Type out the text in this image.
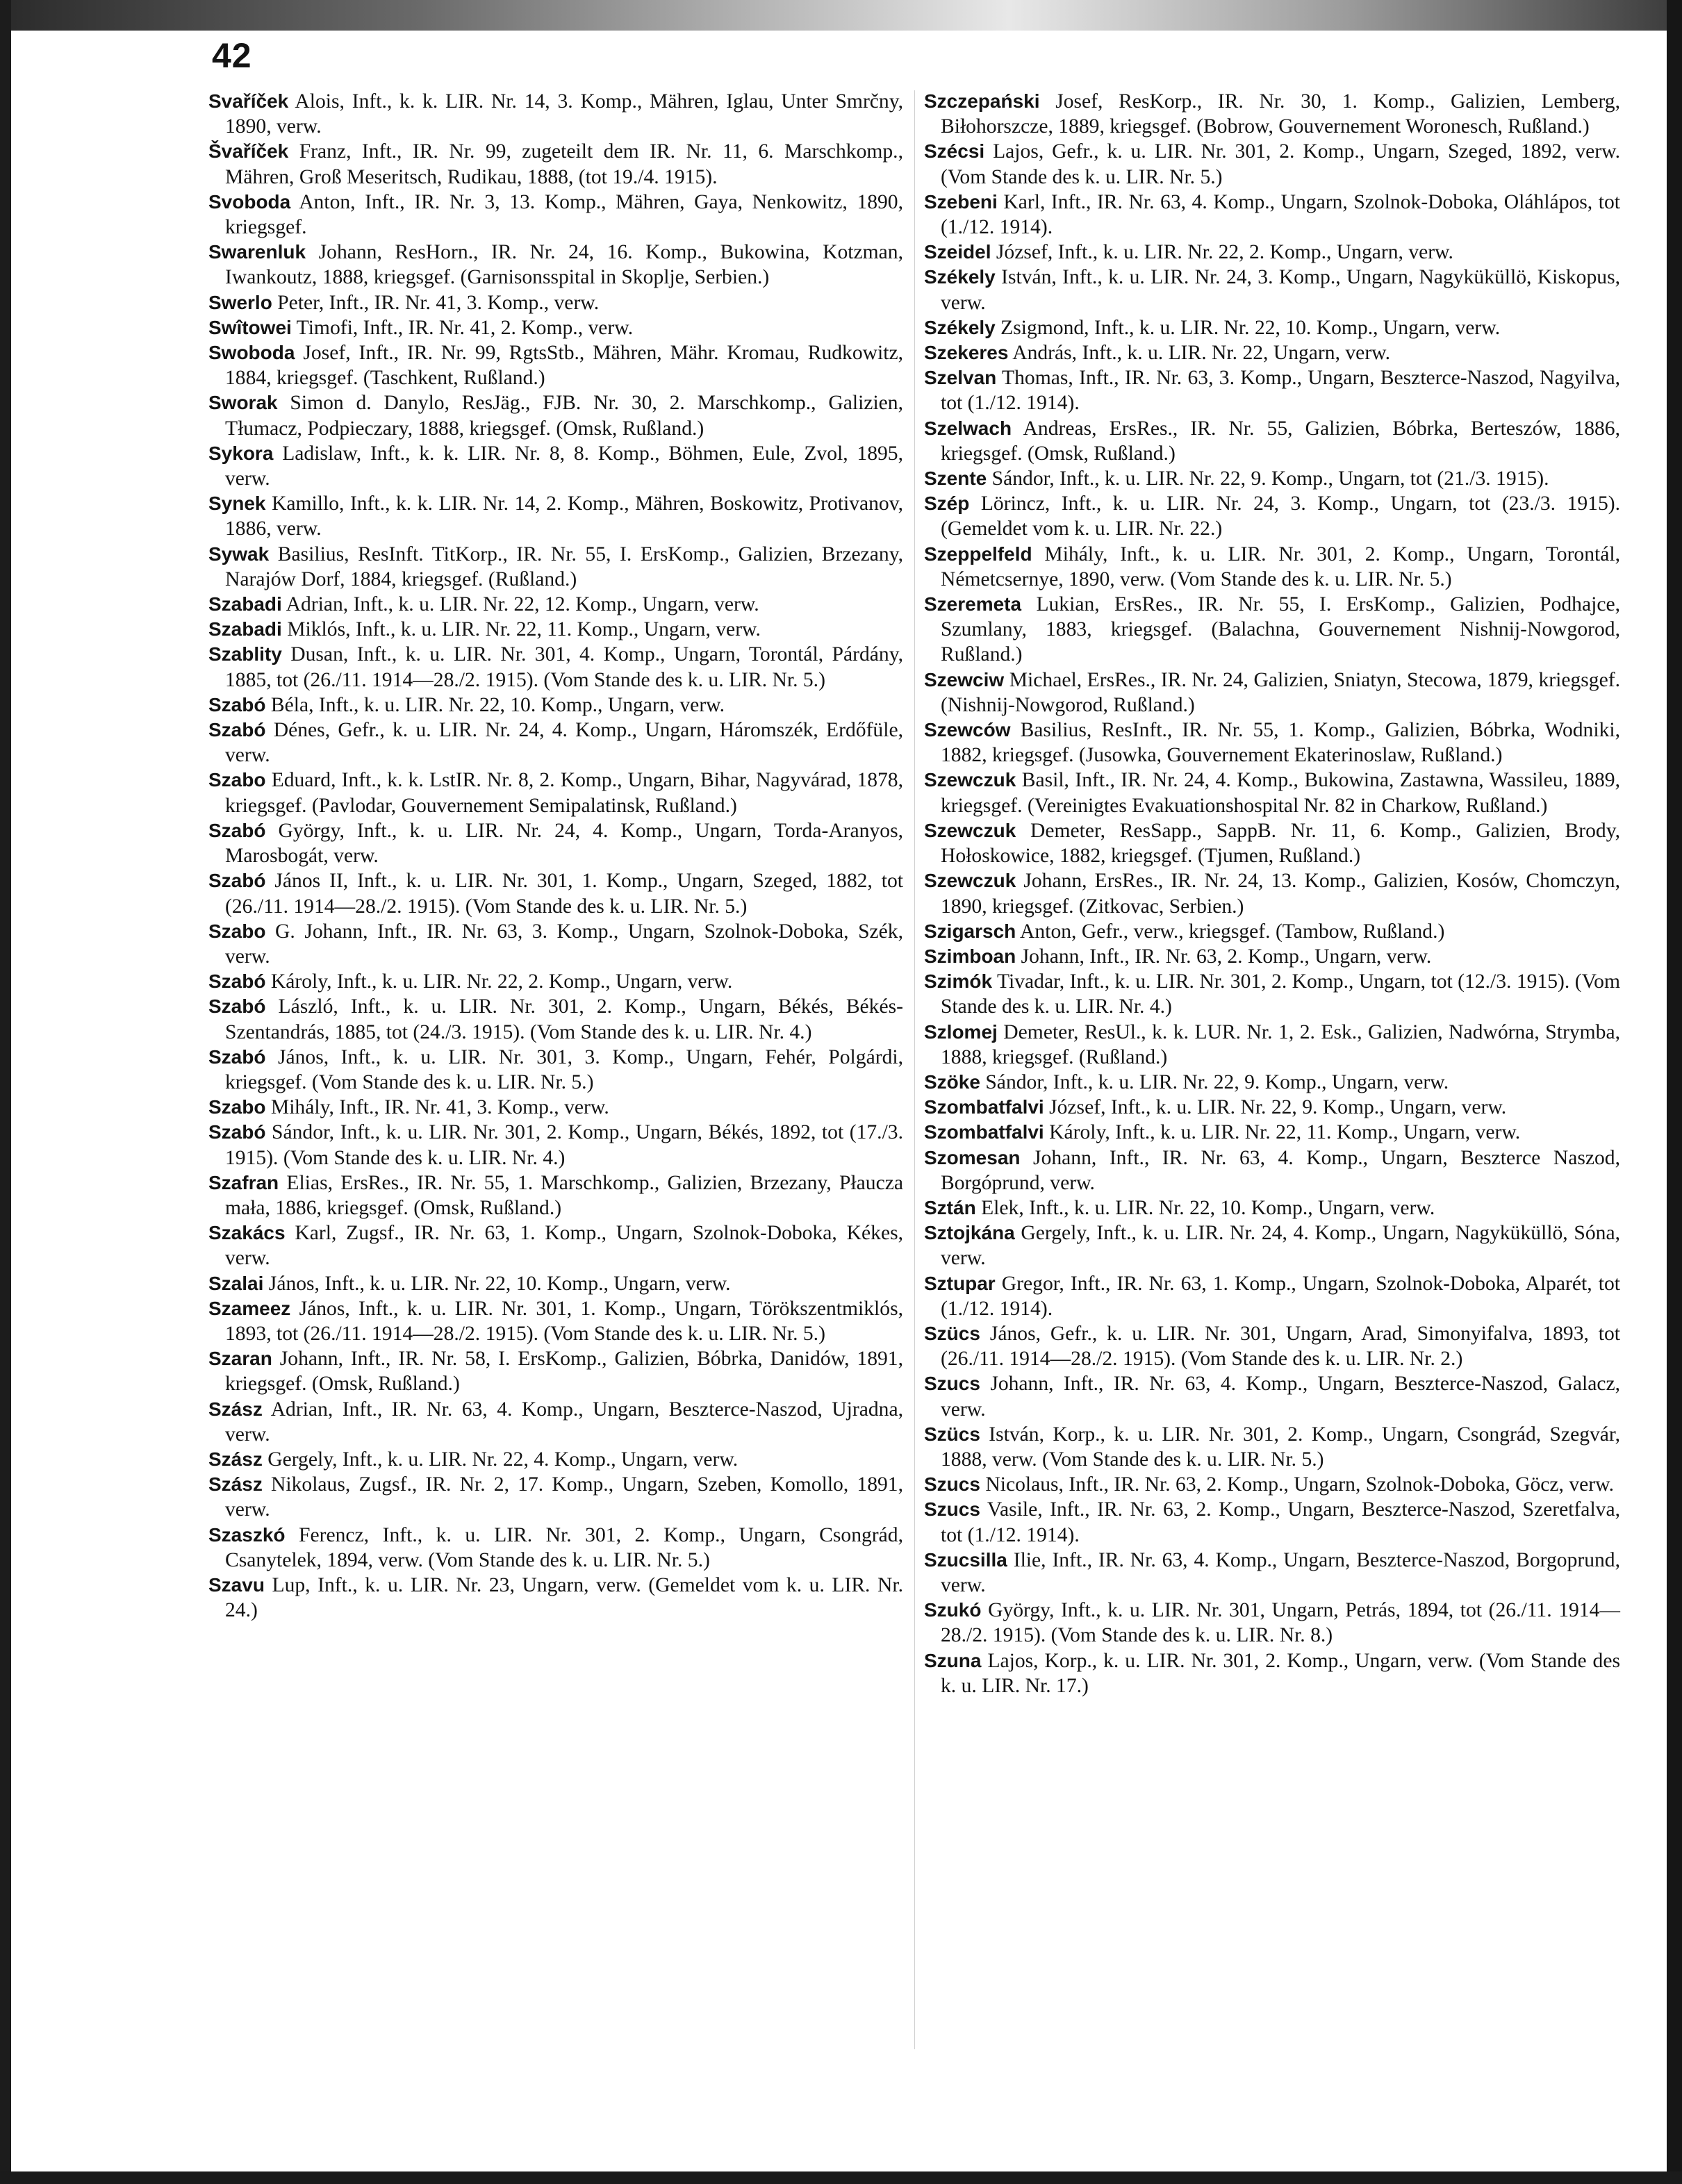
42

Svaříček Alois, Inft., k. k. LIR. Nr. 14, 3. Komp., Mähren, Iglau, Unter Smrčny, 1890, verw.

Švaříček Franz, Inft., IR. Nr. 99, zugeteilt dem IR. Nr. 11, 6. Marschkomp., Mähren, Groß Meseritsch, Rudikau, 1888, (tot 19./4. 1915).

Svoboda Anton, Inft., IR. Nr. 3, 13. Komp., Mähren, Gaya, Nenkowitz, 1890, kriegsgef.

Swarenluk Johann, ResHorn., IR. Nr. 24, 16. Komp., Bukowina, Kotzman, Iwankoutz, 1888, kriegsgef. (Garnisonsspital in Skoplje, Serbien.)

Swerlo Peter, Inft., IR. Nr. 41, 3. Komp., verw.

Swîtowei Timofi, Inft., IR. Nr. 41, 2. Komp., verw.

Swoboda Josef, Inft., IR. Nr. 99, RgtsStb., Mähren, Mähr. Kromau, Rudkowitz, 1884, kriegsgef. (Taschkent, Rußland.)

Sworak Simon d. Danylo, ResJäg., FJB. Nr. 30, 2. Marschkomp., Galizien, Tłumacz, Podpieczary, 1888, kriegsgef. (Omsk, Rußland.)

Sykora Ladislaw, Inft., k. k. LIR. Nr. 8, 8. Komp., Böhmen, Eule, Zvol, 1895, verw.

Synek Kamillo, Inft., k. k. LIR. Nr. 14, 2. Komp., Mähren, Boskowitz, Protivanov, 1886, verw.

Sywak Basilius, ResInft. TitKorp., IR. Nr. 55, I. ErsKomp., Galizien, Brzezany, Narajów Dorf, 1884, kriegsgef. (Rußland.)

Szabadi Adrian, Inft., k. u. LIR. Nr. 22, 12. Komp., Ungarn, verw.

Szabadi Miklós, Inft., k. u. LIR. Nr. 22, 11. Komp., Ungarn, verw.

Szablity Dusan, Inft., k. u. LIR. Nr. 301, 4. Komp., Ungarn, Torontál, Párdány, 1885, tot (26./11. 1914—28./2. 1915). (Vom Stande des k. u. LIR. Nr. 5.)

Szabó Béla, Inft., k. u. LIR. Nr. 22, 10. Komp., Ungarn, verw.

Szabó Dénes, Gefr., k. u. LIR. Nr. 24, 4. Komp., Ungarn, Háromszék, Erdőfüle, verw.

Szabo Eduard, Inft., k. k. LstIR. Nr. 8, 2. Komp., Ungarn, Bihar, Nagyvárad, 1878, kriegsgef. (Pavlodar, Gouvernement Semipalatinsk, Rußland.)

Szabó György, Inft., k. u. LIR. Nr. 24, 4. Komp., Ungarn, Torda-Aranyos, Marosbogát, verw.

Szabó János II, Inft., k. u. LIR. Nr. 301, 1. Komp., Ungarn, Szeged, 1882, tot (26./11. 1914—28./2. 1915). (Vom Stande des k. u. LIR. Nr. 5.)

Szabo G. Johann, Inft., IR. Nr. 63, 3. Komp., Ungarn, Szolnok-Doboka, Szék, verw.

Szabó Károly, Inft., k. u. LIR. Nr. 22, 2. Komp., Ungarn, verw.

Szabó László, Inft., k. u. LIR. Nr. 301, 2. Komp., Ungarn, Békés, Békés-Szentandrás, 1885, tot (24./3. 1915). (Vom Stande des k. u. LIR. Nr. 4.)

Szabó János, Inft., k. u. LIR. Nr. 301, 3. Komp., Ungarn, Fehér, Polgárdi, kriegsgef. (Vom Stande des k. u. LIR. Nr. 5.)

Szabo Mihály, Inft., IR. Nr. 41, 3. Komp., verw.

Szabó Sándor, Inft., k. u. LIR. Nr. 301, 2. Komp., Ungarn, Békés, 1892, tot (17./3. 1915). (Vom Stande des k. u. LIR. Nr. 4.)

Szafran Elias, ErsRes., IR. Nr. 55, 1. Marschkomp., Galizien, Brzezany, Płaucza mała, 1886, kriegsgef. (Omsk, Rußland.)

Szakács Karl, Zugsf., IR. Nr. 63, 1. Komp., Ungarn, Szolnok-Doboka, Kékes, verw.

Szalai János, Inft., k. u. LIR. Nr. 22, 10. Komp., Ungarn, verw.

Szameez János, Inft., k. u. LIR. Nr. 301, 1. Komp., Ungarn, Törökszentmiklós, 1893, tot (26./11. 1914—28./2. 1915). (Vom Stande des k. u. LIR. Nr. 5.)

Szaran Johann, Inft., IR. Nr. 58, I. ErsKomp., Galizien, Bóbrka, Danidów, 1891, kriegsgef. (Omsk, Rußland.)

Szász Adrian, Inft., IR. Nr. 63, 4. Komp., Ungarn, Beszterce-Naszod, Ujradna, verw.

Szász Gergely, Inft., k. u. LIR. Nr. 22, 4. Komp., Ungarn, verw.

Szász Nikolaus, Zugsf., IR. Nr. 2, 17. Komp., Ungarn, Szeben, Komollo, 1891, verw.

Szaszkó Ferencz, Inft., k. u. LIR. Nr. 301, 2. Komp., Ungarn, Csongrád, Csanytelek, 1894, verw. (Vom Stande des k. u. LIR. Nr. 5.)

Szavu Lup, Inft., k. u. LIR. Nr. 23, Ungarn, verw. (Gemeldet vom k. u. LIR. Nr. 24.)

Szczepański Josef, ResKorp., IR. Nr. 30, 1. Komp., Galizien, Lemberg, Biłohorszcze, 1889, kriegsgef. (Bobrow, Gouvernement Woronesch, Rußland.)

Szécsi Lajos, Gefr., k. u. LIR. Nr. 301, 2. Komp., Ungarn, Szeged, 1892, verw. (Vom Stande des k. u. LIR. Nr. 5.)

Szebeni Karl, Inft., IR. Nr. 63, 4. Komp., Ungarn, Szolnok-Doboka, Oláhlápos, tot (1./12. 1914).

Szeidel József, Inft., k. u. LIR. Nr. 22, 2. Komp., Ungarn, verw.

Székely István, Inft., k. u. LIR. Nr. 24, 3. Komp., Ungarn, Nagyküküllö, Kiskopus, verw.

Székely Zsigmond, Inft., k. u. LIR. Nr. 22, 10. Komp., Ungarn, verw.

Szekeres András, Inft., k. u. LIR. Nr. 22, Ungarn, verw.

Szelvan Thomas, Inft., IR. Nr. 63, 3. Komp., Ungarn, Beszterce-Naszod, Nagyilva, tot (1./12. 1914).

Szelwach Andreas, ErsRes., IR. Nr. 55, Galizien, Bóbrka, Berteszów, 1886, kriegsgef. (Omsk, Rußland.)

Szente Sándor, Inft., k. u. LIR. Nr. 22, 9. Komp., Ungarn, tot (21./3. 1915).

Szép Lörincz, Inft., k. u. LIR. Nr. 24, 3. Komp., Ungarn, tot (23./3. 1915). (Gemeldet vom k. u. LIR. Nr. 22.)

Szeppelfeld Mihály, Inft., k. u. LIR. Nr. 301, 2. Komp., Ungarn, Torontál, Németcsernye, 1890, verw. (Vom Stande des k. u. LIR. Nr. 5.)

Szeremeta Lukian, ErsRes., IR. Nr. 55, I. ErsKomp., Galizien, Podhajce, Szumlany, 1883, kriegsgef. (Balachna, Gouvernement Nishnij-Nowgorod, Rußland.)

Szewciw Michael, ErsRes., IR. Nr. 24, Galizien, Sniatyn, Stecowa, 1879, kriegsgef. (Nishnij-Nowgorod, Rußland.)

Szewców Basilius, ResInft., IR. Nr. 55, 1. Komp., Galizien, Bóbrka, Wodniki, 1882, kriegsgef. (Jusowka, Gouvernement Ekaterinoslaw, Rußland.)

Szewczuk Basil, Inft., IR. Nr. 24, 4. Komp., Bukowina, Zastawna, Wassileu, 1889, kriegsgef. (Vereinigtes Evakuationshospital Nr. 82 in Charkow, Rußland.)

Szewczuk Demeter, ResSapp., SappB. Nr. 11, 6. Komp., Galizien, Brody, Hołoskowice, 1882, kriegsgef. (Tjumen, Rußland.)

Szewczuk Johann, ErsRes., IR. Nr. 24, 13. Komp., Galizien, Kosów, Chomczyn, 1890, kriegsgef. (Zitkovac, Serbien.)

Szigarsch Anton, Gefr., verw., kriegsgef. (Tambow, Rußland.)

Szimboan Johann, Inft., IR. Nr. 63, 2. Komp., Ungarn, verw.

Szimók Tivadar, Inft., k. u. LIR. Nr. 301, 2. Komp., Ungarn, tot (12./3. 1915). (Vom Stande des k. u. LIR. Nr. 4.)

Szlomej Demeter, ResUl., k. k. LUR. Nr. 1, 2. Esk., Galizien, Nadwórna, Strymba, 1888, kriegsgef. (Rußland.)

Szöke Sándor, Inft., k. u. LIR. Nr. 22, 9. Komp., Ungarn, verw.

Szombatfalvi József, Inft., k. u. LIR. Nr. 22, 9. Komp., Ungarn, verw.

Szombatfalvi Károly, Inft., k. u. LIR. Nr. 22, 11. Komp., Ungarn, verw.

Szomesan Johann, Inft., IR. Nr. 63, 4. Komp., Ungarn, Beszterce Naszod, Borgóprund, verw.

Sztán Elek, Inft., k. u. LIR. Nr. 22, 10. Komp., Ungarn, verw.

Sztojkána Gergely, Inft., k. u. LIR. Nr. 24, 4. Komp., Ungarn, Nagyküküllö, Sóna, verw.

Sztupar Gregor, Inft., IR. Nr. 63, 1. Komp., Ungarn, Szolnok-Doboka, Alparét, tot (1./12. 1914).

Szücs János, Gefr., k. u. LIR. Nr. 301, Ungarn, Arad, Simonyifalva, 1893, tot (26./11. 1914—28./2. 1915). (Vom Stande des k. u. LIR. Nr. 2.)

Szucs Johann, Inft., IR. Nr. 63, 4. Komp., Ungarn, Beszterce-Naszod, Galacz, verw.

Szücs István, Korp., k. u. LIR. Nr. 301, 2. Komp., Ungarn, Csongrád, Szegvár, 1888, verw. (Vom Stande des k. u. LIR. Nr. 5.)

Szucs Nicolaus, Inft., IR. Nr. 63, 2. Komp., Ungarn, Szolnok-Doboka, Göcz, verw.

Szucs Vasile, Inft., IR. Nr. 63, 2. Komp., Ungarn, Beszterce-Naszod, Szeretfalva, tot (1./12. 1914).

Szucsilla Ilie, Inft., IR. Nr. 63, 4. Komp., Ungarn, Beszterce-Naszod, Borgoprund, verw.

Szukó György, Inft., k. u. LIR. Nr. 301, Ungarn, Petrás, 1894, tot (26./11. 1914—28./2. 1915). (Vom Stande des k. u. LIR. Nr. 8.)

Szuna Lajos, Korp., k. u. LIR. Nr. 301, 2. Komp., Ungarn, verw. (Vom Stande des k. u. LIR. Nr. 17.)
